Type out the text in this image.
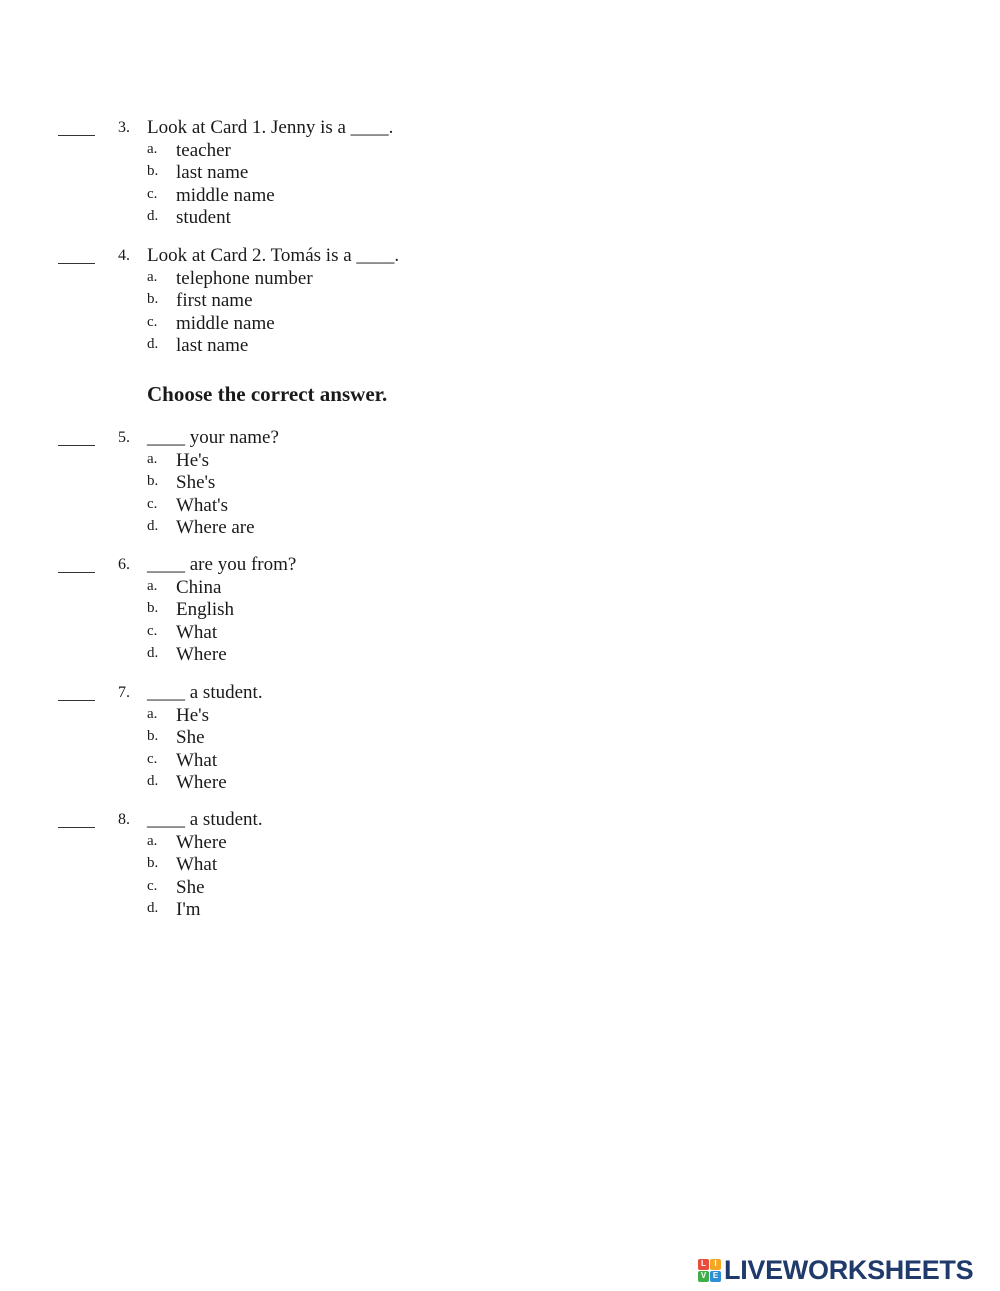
3. Look at Card 1. Jenny is a ____.
a. teacher
b. last name
c. middle name
d. student
4. Look at Card 2. Tomás is a ____.
a. telephone number
b. first name
c. middle name
d. last name
Choose the correct answer.
5. ____ your name?
a. He's
b. She's
c. What's
d. Where are
6. ____ are you from?
a. China
b. English
c. What
d. Where
7. ____ a student.
a. He's
b. She
c. What
d. Where
8. ____ a student.
a. Where
b. What
c. She
d. I'm
L	I
V E LIVEWORKSHEETS
